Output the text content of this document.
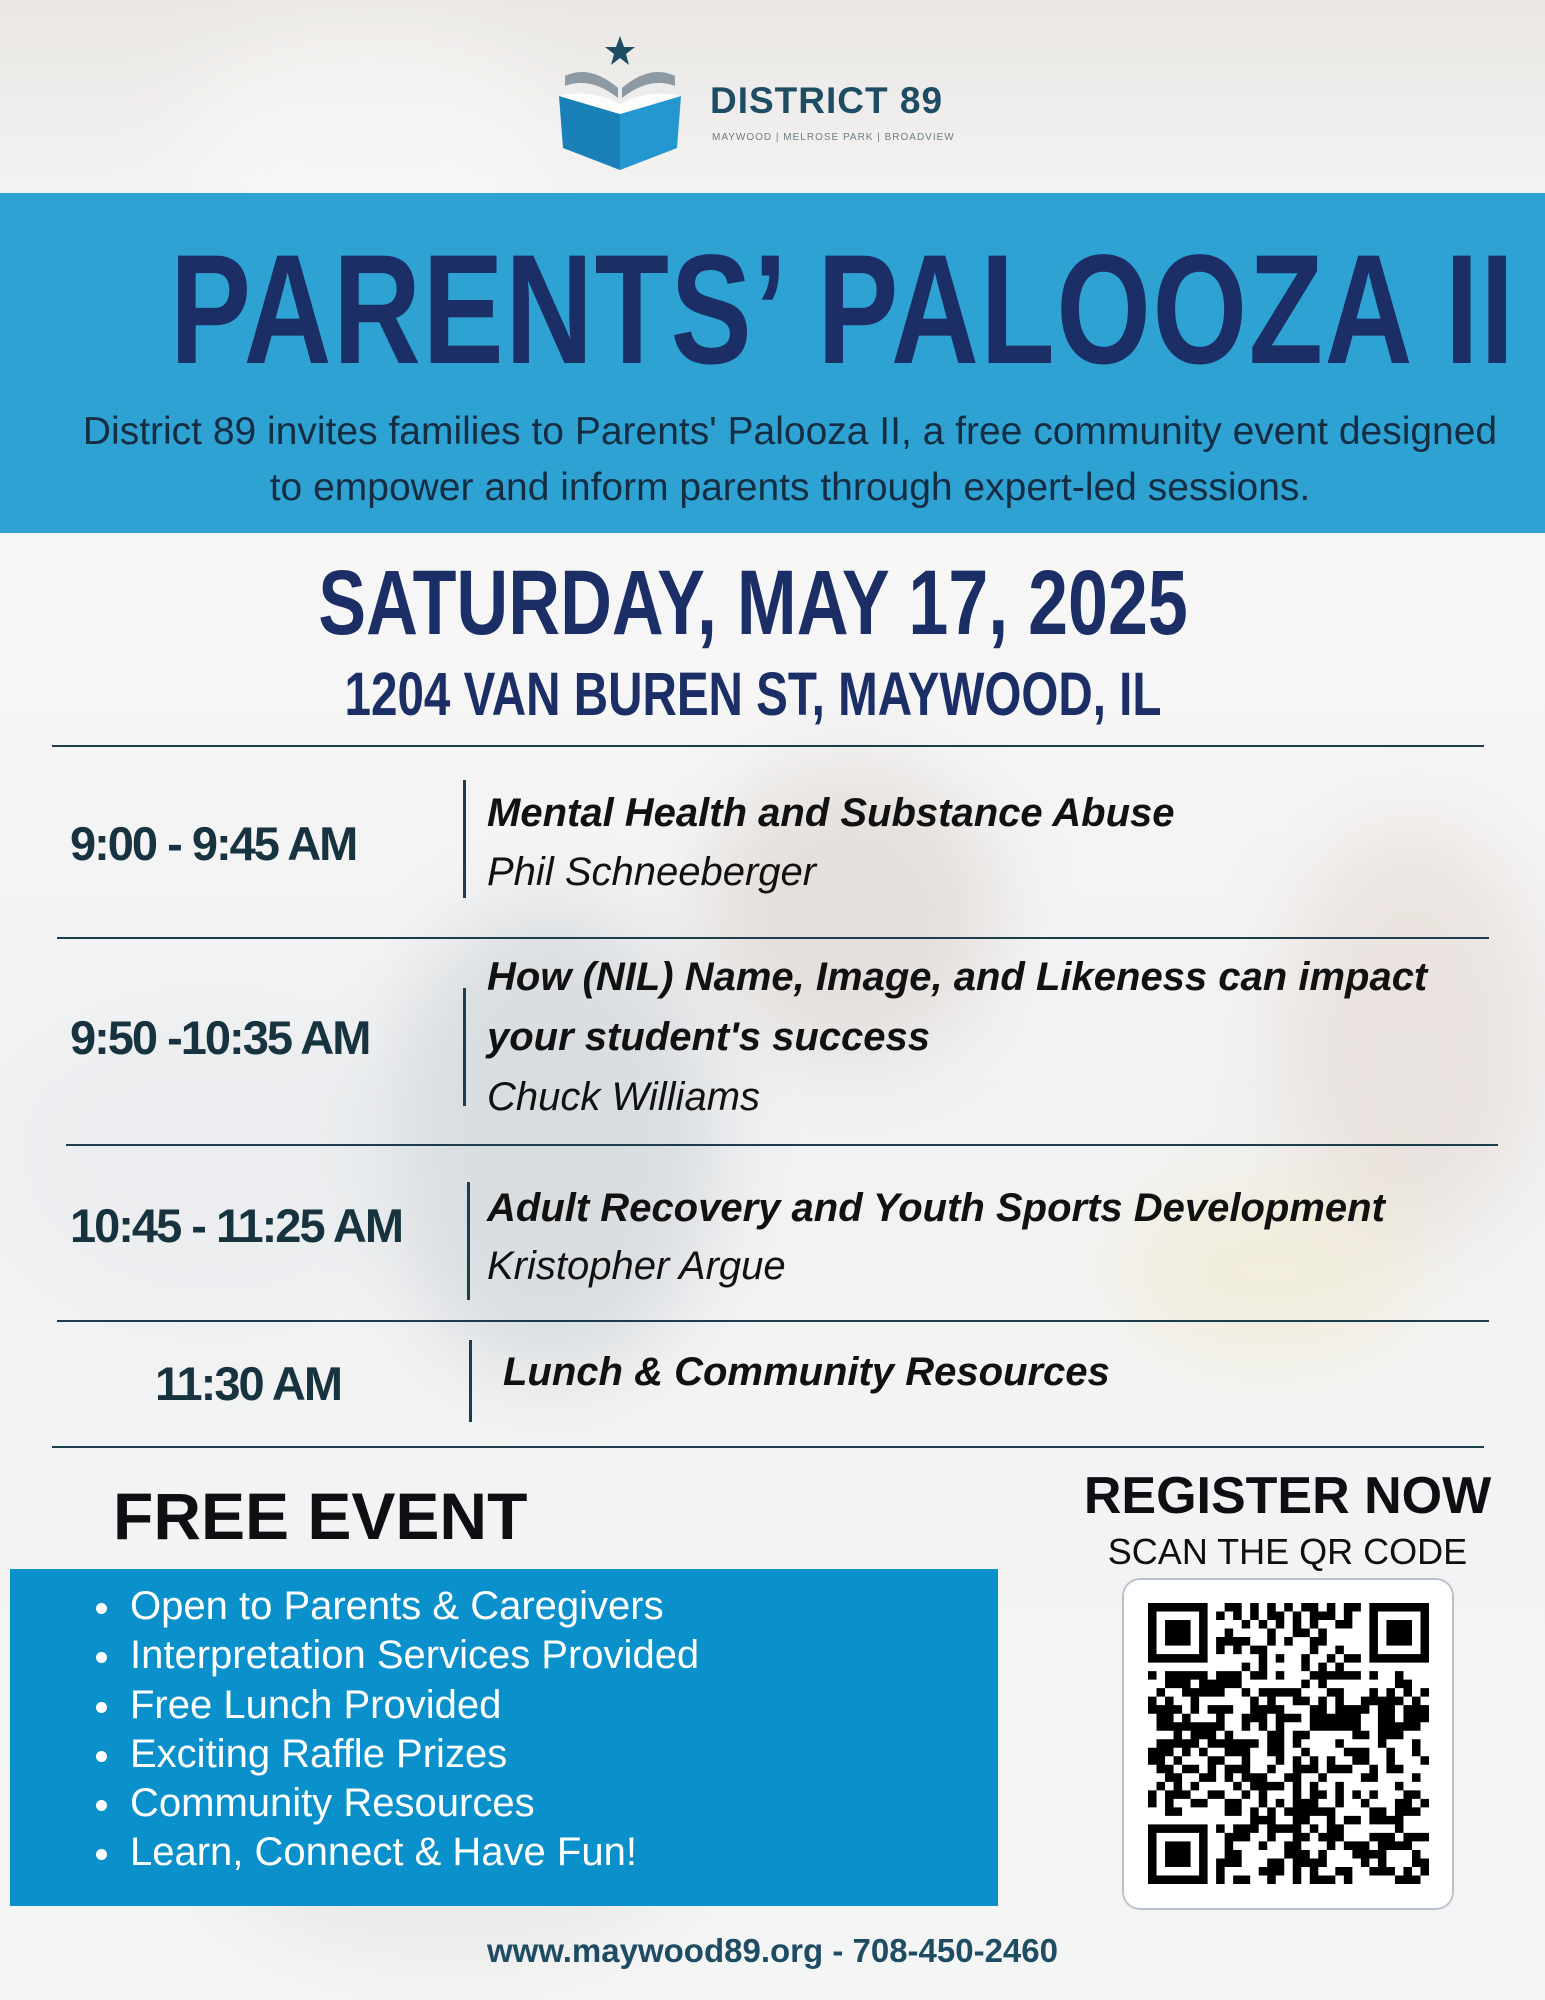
DISTRICT 89
MAYWOOD | MELROSE PARK | BROADVIEW
PARENTS’ PALOOZA II
District 89 invites families to Parents' Palooza II, a free community event designed to empower and inform parents through expert-led sessions.
SATURDAY, MAY 17, 2025
1204 VAN BUREN ST, MAYWOOD, IL
9:00 - 9:45 AM
Mental Health and Substance Abuse
Phil Schneeberger
9:50 -10:35 AM
How (NIL) Name, Image, and Likeness can impact your student's success
Chuck Williams
10:45 - 11:25 AM Adult Recovery and Youth Sports Development
Kristopher Argue
11:30 AM	Lunch & Community Resources
FREE EVENT
Open to Parents & Caregivers
Interpretation Services Provided
Free Lunch Provided
Exciting Raffle Prizes
Community Resources
Learn, Connect & Have Fun!
REGISTER NOW
SCAN THE QR CODE
www.maywood89.org - 708-450-2460
